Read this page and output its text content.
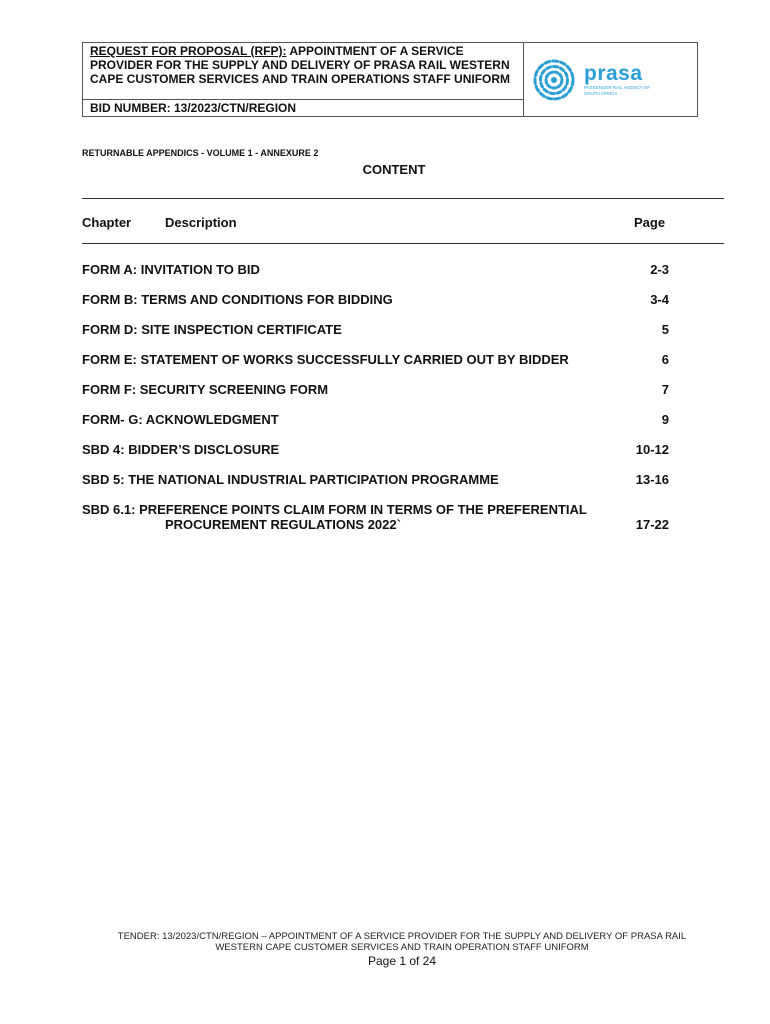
REQUEST FOR PROPOSAL (RFP): APPOINTMENT OF A SERVICE PROVIDER FOR THE SUPPLY AND DELIVERY OF PRASA RAIL WESTERN CAPE CUSTOMER SERVICES AND TRAIN OPERATIONS STAFF UNIFORM
BID NUMBER: 13/2023/CTN/REGION
prasa
PASSENGER RAIL AGENCY OF SOUTH AFRICA
RETURNABLE APPENDICS - VOLUME 1 - ANNEXURE 2
CONTENT
Chapter	Description	Page
FORM A: INVITATION TO BID	2-3
FORM B: TERMS AND CONDITIONS FOR BIDDING	3-4
FORM D: SITE INSPECTION CERTIFICATE	5
FORM E: STATEMENT OF WORKS SUCCESSFULLY CARRIED OUT BY BIDDER	6
FORM F: SECURITY SCREENING FORM	7
FORM- G: ACKNOWLEDGMENT	9
SBD 4: BIDDER’S DISCLOSURE	10-12
SBD 5: THE NATIONAL INDUSTRIAL PARTICIPATION PROGRAMME	13-16
SBD 6.1: PREFERENCE POINTS CLAIM FORM IN TERMS OF THE PREFERENTIAL
PROCUREMENT REGULATIONS 2022`	17-22
TENDER: 13/2023/CTN/REGION – APPOINTMENT OF A SERVICE PROVIDER FOR THE SUPPLY AND DELIVERY OF PRASA RAIL
WESTERN CAPE CUSTOMER SERVICES AND TRAIN OPERATION STAFF UNIFORM
Page 1 of 24
